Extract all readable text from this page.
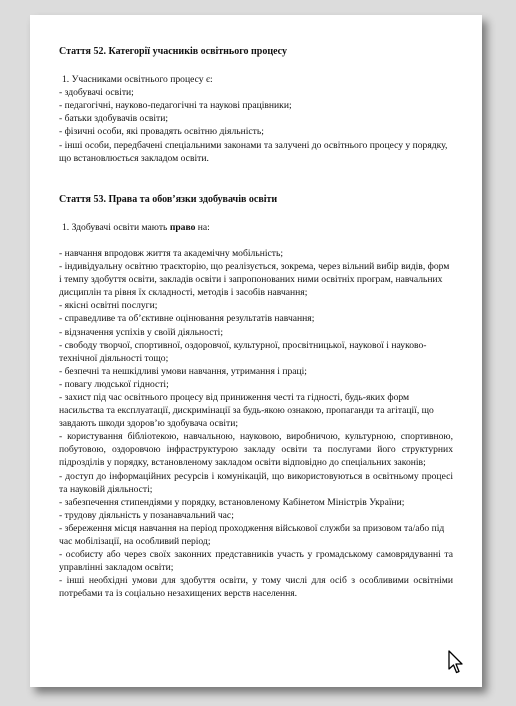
Стаття 52. Категорії учасників освітнього процесу

1. Учасниками освітнього процесу є:

- здобувачі освіти;

- педагогічні, науково-педагогічні та наукові працівники;

- батьки здобувачів освіти;

- фізичні особи, які провадять освітню діяльність;

- інші особи, передбачені спеціальними законами та залучені до освітнього процесу у порядку, що встановлюється закладом освіти.

Стаття 53. Права та обов’язки здобувачів освіти

1. Здобувачі освіти мають право на:

- навчання впродовж життя та академічну мобільність;

- індивідуальну освітню траєкторію, що реалізується, зокрема, через вільний вибір видів, форм і темпу здобуття освіти, закладів освіти і запропонованих ними освітніх програм, навчальних дисциплін та рівня їх складності, методів і засобів навчання;

- якісні освітні послуги;

- справедливе та об’єктивне оцінювання результатів навчання;

- відзначення успіхів у своїй діяльності;

- свободу творчої, спортивної, оздоровчої, культурної, просвітницької, наукової і науково-технічної діяльності тощо;

- безпечні та нешкідливі умови навчання, утримання і праці;

- повагу людської гідності;

- захист під час освітнього процесу від приниження честі та гідності, будь-яких форм насильства та експлуатації, дискримінації за будь-якою ознакою, пропаганди та агітації, що завдають шкоди здоров’ю здобувача освіти;

- користування бібліотекою, навчальною, науковою, виробничою, культурною, спортивною, побутовою, оздоровчою інфраструктурою закладу освіти та послугами його структурних підрозділів у порядку, встановленому закладом освіти відповідно до спеціальних законів;

- доступ до інформаційних ресурсів і комунікацій, що використовуються в освітньому процесі та науковій діяльності;

- забезпечення стипендіями у порядку, встановленому Кабінетом Міністрів України;

- трудову діяльність у позанавчальний час;

- збереження місця навчання на період проходження військової служби за призовом та/або під час мобілізації, на особливий період;

- особисту або через своїх законних представників участь у громадському самоврядуванні та управлінні закладом освіти;

- інші необхідні умови для здобуття освіти, у тому числі для осіб з особливими освітніми потребами та із соціально незахищених верств населення.
